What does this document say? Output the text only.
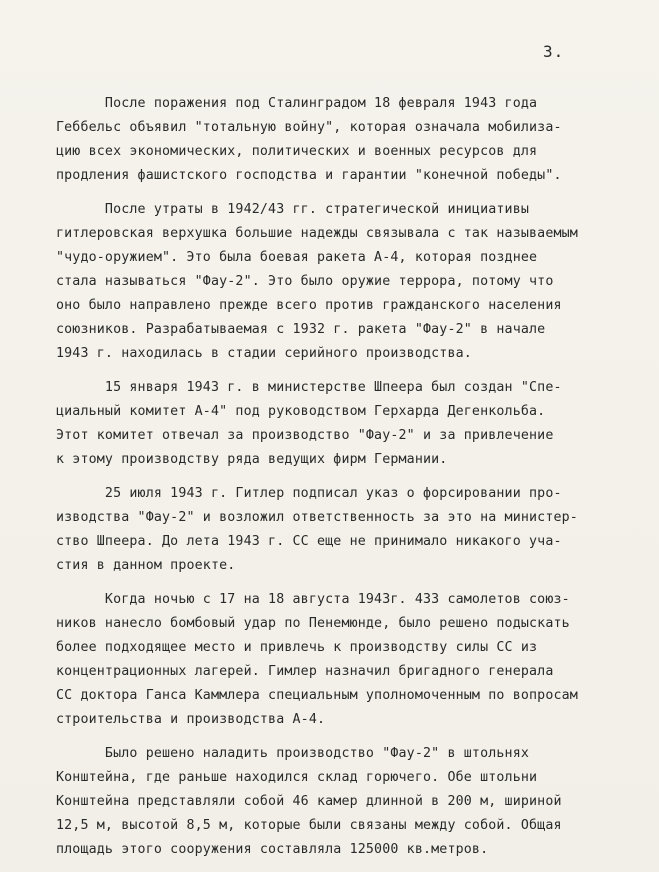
3.
После поражения под Сталинградом 18 февраля 1943 года
Геббельс объявил "тотальную войну", которая означала мобилиза-
цию всех экономических, политических и военных ресурсов для
продления фашистского господства и гарантии "конечной победы".
После утраты в 1942/43 гг. стратегической инициативы
гитлеровская верхушка большие надежды связывала с так называемым
"чудо-оружием". Это была боевая ракета А-4, которая позднее
стала называться "Фау-2". Это было оружие террора, потому что
оно было направлено прежде всего против гражданского населения
союзников. Разрабатываемая с 1932 г. ракета "Фау-2" в начале
1943 г. находилась в стадии серийного производства.
15 января 1943 г. в министерстве Шпеера был создан "Спе-
циальный комитет А-4" под руководством Герхарда Дегенкольба.
Этот комитет отвечал за производство "Фау-2" и за привлечение
к этому производству ряда ведущих фирм Германии.
25 июля 1943 г. Гитлер подписал указ о форсировании про-
изводства "Фау-2" и возложил ответственность за это на министер-
ство Шпеера. До лета 1943 г. СС еще не принимало никакого уча-
стия в данном проекте.
Когда ночью с 17 на 18 августа 1943г. 433 самолетов союз-
ников нанесло бомбовый удар по Пенемюнде, было решено подыскать
более подходящее место и привлечь к производству силы СС из
концентрационных лагерей. Гимлер назначил бригадного генерала
СС доктора Ганса Каммлера специальным уполномоченным по вопросам
строительства и производства А-4.
Было решено наладить производство "Фау-2" в штольнях
Конштейна, где раньше находился склад горючего. Обе штольни
Конштейна представляли собой 46 камер длинной в 200 м, шириной
12,5 м, высотой 8,5 м, которые были связаны между собой. Общая
площадь этого сооружения составляла 125000 кв.метров.
